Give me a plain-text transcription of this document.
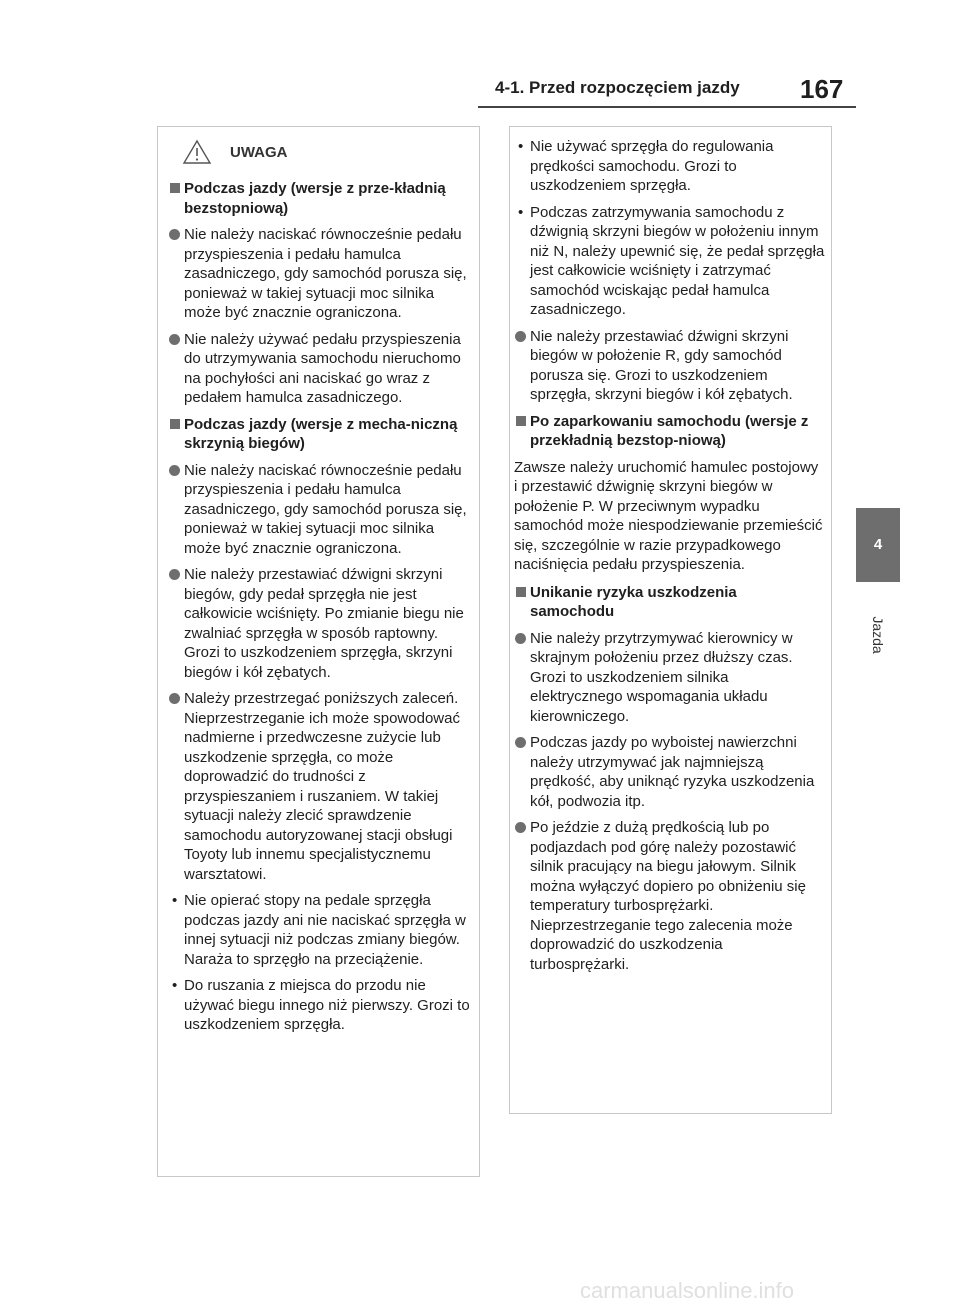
4-1. Przed rozpoczęciem jazdy 167
4
Jazda
UWAGA
Podczas jazdy (wersje z prze-kładnią bezstopniową)
Nie należy naciskać równocześnie pedału przyspieszenia i pedału hamulca zasadniczego, gdy samochód porusza się, ponieważ w takiej sytuacji moc silnika może być znacznie ograniczona.
Nie należy używać pedału przyspieszenia do utrzymywania samochodu nieruchomo na pochyłości ani naciskać go wraz z pedałem hamulca zasadniczego.
Podczas jazdy (wersje z mecha-niczną skrzynią biegów)
Nie należy naciskać równocześnie pedału przyspieszenia i pedału hamulca zasadniczego, gdy samochód porusza się, ponieważ w takiej sytuacji moc silnika może być znacznie ograniczona.
Nie należy przestawiać dźwigni skrzyni biegów, gdy pedał sprzęgła nie jest całkowicie wciśnięty. Po zmianie biegu nie zwalniać sprzęgła w sposób raptowny. Grozi to uszkodzeniem sprzęgła, skrzyni biegów i kół zębatych.
Należy przestrzegać poniższych zaleceń. Nieprzestrzeganie ich może spowodować nadmierne i przedwczesne zużycie lub uszkodzenie sprzęgła, co może doprowadzić do trudności z przyspieszaniem i ruszaniem. W takiej sytuacji należy zlecić sprawdzenie samochodu autoryzowanej stacji obsługi Toyoty lub innemu specjalistycznemu warsztatowi.
• Nie opierać stopy na pedale sprzęgła podczas jazdy ani nie naciskać sprzęgła w innej sytuacji niż podczas zmiany biegów. Naraża to sprzęgło na przeciążenie.
• Do ruszania z miejsca do przodu nie używać biegu innego niż pierwszy. Grozi to uszkodzeniem sprzęgła.
• Nie używać sprzęgła do regulowania prędkości samochodu. Grozi to uszkodzeniem sprzęgła.
• Podczas zatrzymywania samochodu z dźwignią skrzyni biegów w położeniu innym niż N, należy upewnić się, że pedał sprzęgła jest całkowicie wciśnięty i zatrzymać samochód wciskając pedał hamulca zasadniczego.
Nie należy przestawiać dźwigni skrzyni biegów w położenie R, gdy samochód porusza się. Grozi to uszkodzeniem sprzęgła, skrzyni biegów i kół zębatych.
Po zaparkowaniu samochodu (wersje z przekładnią bezstop-niową)
Zawsze należy uruchomić hamulec postojowy i przestawić dźwignię skrzyni biegów w położenie P. W przeciwnym wypadku samochód może niespodziewanie przemieścić się, szczególnie w razie przypadkowego naciśnięcia pedału przyspieszenia.
Unikanie ryzyka uszkodzenia samochodu
Nie należy przytrzymywać kierownicy w skrajnym położeniu przez dłuższy czas. Grozi to uszkodzeniem silnika elektrycznego wspomagania układu kierowniczego.
Podczas jazdy po wyboistej nawierzchni należy utrzymywać jak najmniejszą prędkość, aby uniknąć ryzyka uszkodzenia kół, podwozia itp.
Po jeździe z dużą prędkością lub po podjazdach pod górę należy pozostawić silnik pracujący na biegu jałowym. Silnik można wyłączyć dopiero po obniżeniu się temperatury turbosprężarki. Nieprzestrzeganie tego zalecenia może doprowadzić do uszkodzenia turbosprężarki.
carmanualsonline.info
